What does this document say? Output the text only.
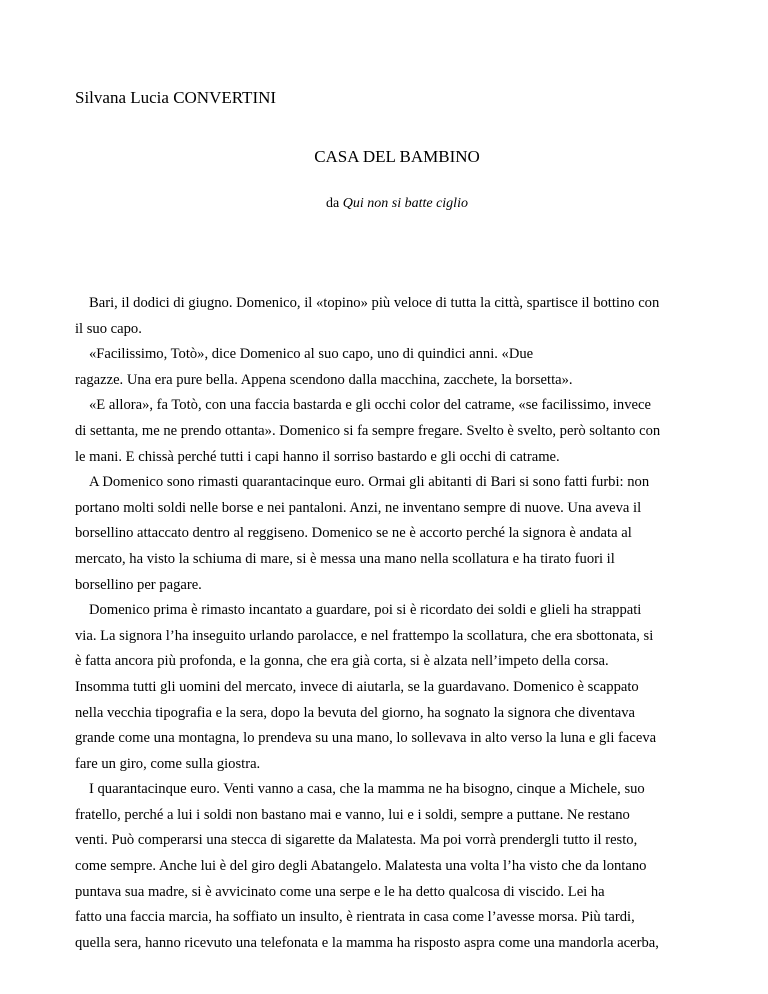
Silvana Lucia CONVERTINI
CASA DEL BAMBINO
da Qui non si batte ciglio
Bari, il dodici di giugno. Domenico, il «topino» più veloce di tutta la città, spartisce il bottino con
il suo capo.
«Facilissimo, Totò», dice Domenico al suo capo, uno di quindici anni. «Due
ragazze. Una era pure bella. Appena scendono dalla macchina, zacchete, la borsetta».
«E allora», fa Totò, con una faccia bastarda e gli occhi color del catrame, «se facilissimo, invece
di settanta, me ne prendo ottanta». Domenico si fa sempre fregare. Svelto è svelto, però soltanto con
le mani. E chissà perché tutti i capi hanno il sorriso bastardo e gli occhi di catrame.
A Domenico sono rimasti quarantacinque euro. Ormai gli abitanti di Bari si sono fatti furbi: non
portano molti soldi nelle borse e nei pantaloni. Anzi, ne inventano sempre di nuove. Una aveva il
borsellino attaccato dentro al reggiseno. Domenico se ne è accorto perché la signora è andata al
mercato, ha visto la schiuma di mare, si è messa una mano nella scollatura e ha tirato fuori il
borsellino per pagare.
Domenico prima è rimasto incantato a guardare, poi si è ricordato dei soldi e glieli ha strappati
via. La signora l’ha inseguito urlando parolacce, e nel frattempo la scollatura, che era sbottonata, si
è fatta ancora più profonda, e la gonna, che era già corta, si è alzata nell’impeto della corsa.
Insomma tutti gli uomini del mercato, invece di aiutarla, se la guardavano. Domenico è scappato
nella vecchia tipografia e la sera, dopo la bevuta del giorno, ha sognato la signora che diventava
grande come una montagna, lo prendeva su una mano, lo sollevava in alto verso la luna e gli faceva
fare un giro, come sulla giostra.
I quarantacinque euro. Venti vanno a casa, che la mamma ne ha bisogno, cinque a Michele, suo
fratello, perché a lui i soldi non bastano mai e vanno, lui e i soldi, sempre a puttane. Ne restano
venti. Può comperarsi una stecca di sigarette da Malatesta. Ma poi vorrà prendergli tutto il resto,
come sempre. Anche lui è del giro degli Abatangelo. Malatesta una volta l’ha visto che da lontano
puntava sua madre, si è avvicinato come una serpe e le ha detto qualcosa di viscido. Lei ha
fatto una faccia marcia, ha soffiato un insulto, è rientrata in casa come l’avesse morsa. Più tardi,
quella sera, hanno ricevuto una telefonata e la mamma ha risposto aspra come una mandorla acerba,
